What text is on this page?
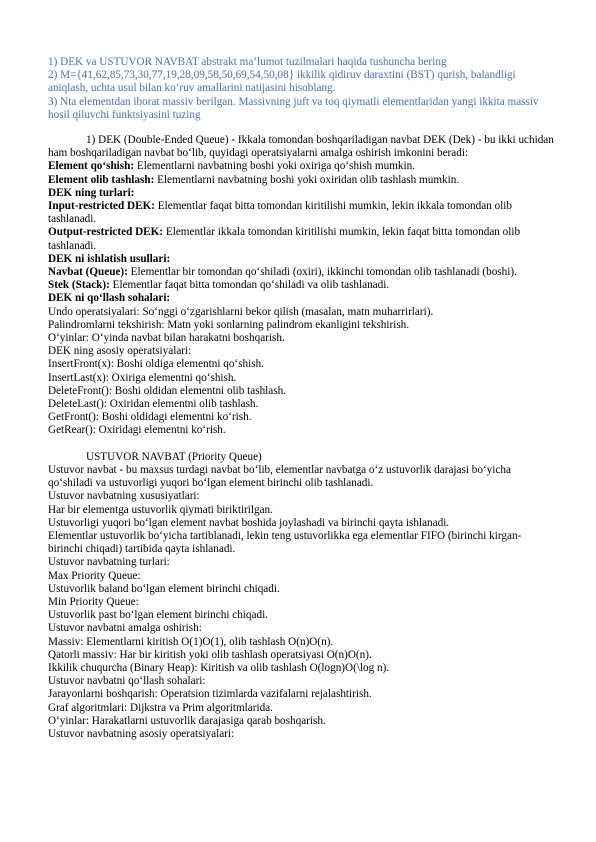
1) DEK va USTUVOR NAVBAT abstrakt ma’lumot tuzilmalari haqida tushuncha bering

2) M={41,62,85,73,30,77,19,28,09,58,50,69,54,50,08} ikkilik qidiruv daraxtini (BST) qurish, balandligi aniqlash, uchta usul bilan ko‘ruv amallarini natijasini hisoblang.

3) Nta elementdan iborat massiv berilgan. Massivning juft va toq qiymatli elementlaridan yangi ikkita massiv hosil qiluvchi funktsiyasini tuzing

1) DEK (Double-Ended Queue) - Ikkala tomondan boshqariladigan navbat DEK (Dek) - bu ikki uchidan ham boshqariladigan navbat bo‘lib, quyidagi operatsiyalarni amalga oshirish imkonini beradi:

Element qo‘shish: Elementlarni navbatning boshi yoki oxiriga qo‘shish mumkin.

Element olib tashlash: Elementlarni navbatning boshi yoki oxiridan olib tashlash mumkin.

DEK ning turlari:

Input-restricted DEK: Elementlar faqat bitta tomondan kiritilishi mumkin, lekin ikkala tomondan olib tashlanadi.

Output-restricted DEK: Elementlar ikkala tomondan kiritilishi mumkin, lekin faqat bitta tomondan olib tashlanadi.

DEK ni ishlatish usullari:

Navbat (Queue): Elementlar bir tomondan qo‘shiladi (oxiri), ikkinchi tomondan olib tashlanadi (boshi).

Stek (Stack): Elementlar faqat bitta tomondan qo‘shiladi va olib tashlanadi.

DEK ni qo‘llash sohalari:

Undo operatsiyalari: So‘nggi o‘zgarishlarni bekor qilish (masalan, matn muharrirlari).

Palindromlarni tekshirish: Matn yoki sonlarning palindrom ekanligini tekshirish.

O‘yinlar: O‘yinda navbat bilan harakatni boshqarish.

DEK ning asosiy operatsiyalari:

InsertFront(x): Boshi oldiga elementni qo‘shish.

InsertLast(x): Oxiriga elementni qo‘shish.

DeleteFront(): Boshi oldidan elementni olib tashlash.

DeleteLast(): Oxiridan elementni olib tashlash.

GetFront(): Boshi oldidagi elementni ko‘rish.

GetRear(): Oxiridagi elementni ko‘rish.

USTUVOR NAVBAT (Priority Queue)

Ustuvor navbat - bu maxsus turdagi navbat bo‘lib, elementlar navbatga o‘z ustuvorlik darajasi bo‘yicha qo‘shiladi va ustuvorligi yuqori bo‘lgan element birinchi olib tashlanadi.

Ustuvor navbatning xususiyatlari:

Har bir elementga ustuvorlik qiymati biriktirilgan.

Ustuvorligi yuqori bo‘lgan element navbat boshida joylashadi va birinchi qayta ishlanadi.

Elementlar ustuvorlik bo‘yicha tartiblanadi, lekin teng ustuvorlikka ega elementlar FIFO (birinchi kirgan-birinchi chiqadi) tartibida qayta ishlanadi.

Ustuvor navbatning turlari:

Max Priority Queue:

Ustuvorlik baland bo‘lgan element birinchi chiqadi.

Min Priority Queue:

Ustuvorlik past bo‘lgan element birinchi chiqadi.

Ustuvor navbatni amalga oshirish:

Massiv: Elementlarni kiritish O(1)O(1), olib tashlash O(n)O(n).

Qatorli massiv: Har bir kiritish yoki olib tashlash operatsiyasi O(n)O(n).

Ikkilik chuqurcha (Binary Heap): Kiritish va olib tashlash O(logn)O(\log n).

Ustuvor navbatni qo‘llash sohalari:

Jarayonlarni boshqarish: Operatsion tizimlarda vazifalarni rejalashtirish.

Graf algoritmlari: Dijkstra va Prim algoritmlarida.

O‘yinlar: Harakatlarni ustuvorlik darajasiga qarab boshqarish.

Ustuvor navbatning asosiy operatsiyalari:
